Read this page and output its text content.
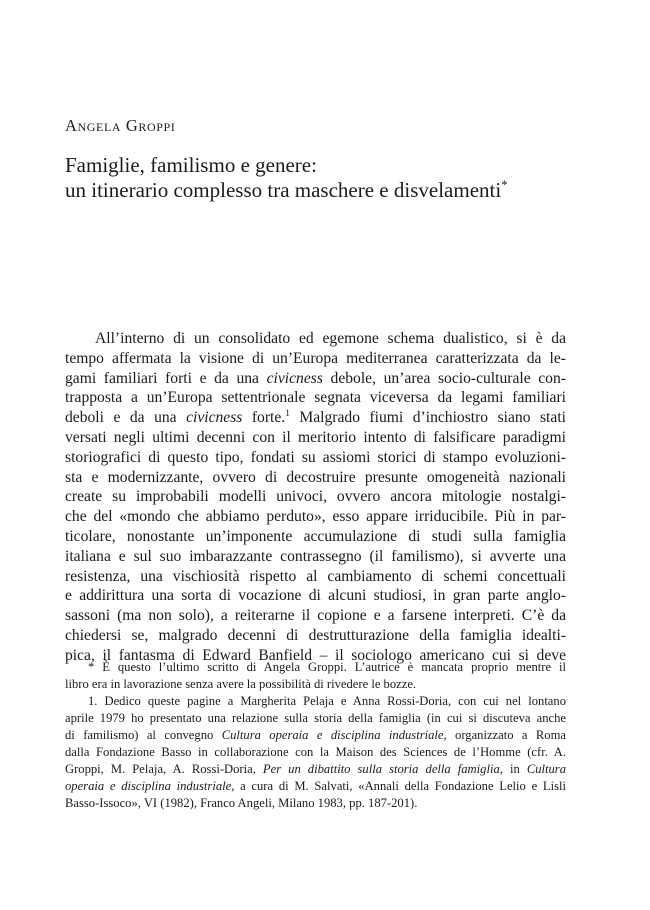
Angela Groppi
Famiglie, familismo e genere:
un itinerario complesso tra maschere e disvelamenti*
All’interno di un consolidato ed egemone schema dualistico, si è da
tempo affermata la visione di un’Europa mediterranea caratterizzata da le-
gami familiari forti e da una civicness debole, un’area socio-culturale con-
trapposta a un’Europa settentrionale segnata viceversa da legami familiari
deboli e da una civicness forte.$^1$ Malgrado fiumi d’inchiostro siano stati
versati negli ultimi decenni con il meritorio intento di falsificare paradigmi
storiografici di questo tipo, fondati su assiomi storici di stampo evoluzioni-
sta e modernizzante, ovvero di decostruire presunte omogeneità nazionali
create su improbabili modelli univoci, ovvero ancora mitologie nostalgi-
che del «mondo che abbiamo perduto», esso appare irriducibile. Più in par-
ticolare, nonostante un’imponente accumulazione di studi sulla famiglia
italiana e sul suo imbarazzante contrassegno (il familismo), si avverte una
resistenza, una vischiosità rispetto al cambiamento di schemi concettuali
e addirittura una sorta di vocazione di alcuni studiosi, in gran parte anglo-
sassoni (ma non solo), a reiterarne il copione e a farsene interpreti. C’è da
chiedersi se, malgrado decenni di destrutturazione della famiglia idealti-
pica, il fantasma di Edward Banfield – il sociologo americano cui si deve
* È questo l’ultimo scritto di Angela Groppi. L’autrice è mancata proprio mentre il
libro era in lavorazione senza avere la possibilità di rivedere le bozze.
1. Dedico queste pagine a Margherita Pelaja e Anna Rossi-Doria, con cui nel lontano
aprile 1979 ho presentato una relazione sulla storia della famiglia (in cui si discuteva anche
di familismo) al convegno Cultura operaia e disciplina industriale, organizzato a Roma
dalla Fondazione Basso in collaborazione con la Maison des Sciences de l’Homme (cfr. A.
Groppi, M. Pelaja, A. Rossi-Doria, Per un dibattito sulla storia della famiglia, in Cultura
operaia e disciplina industriale, a cura di M. Salvati, «Annali della Fondazione Lelio e Lisli
Basso-Issoco», VI (1982), Franco Angeli, Milano 1983, pp. 187-201).
